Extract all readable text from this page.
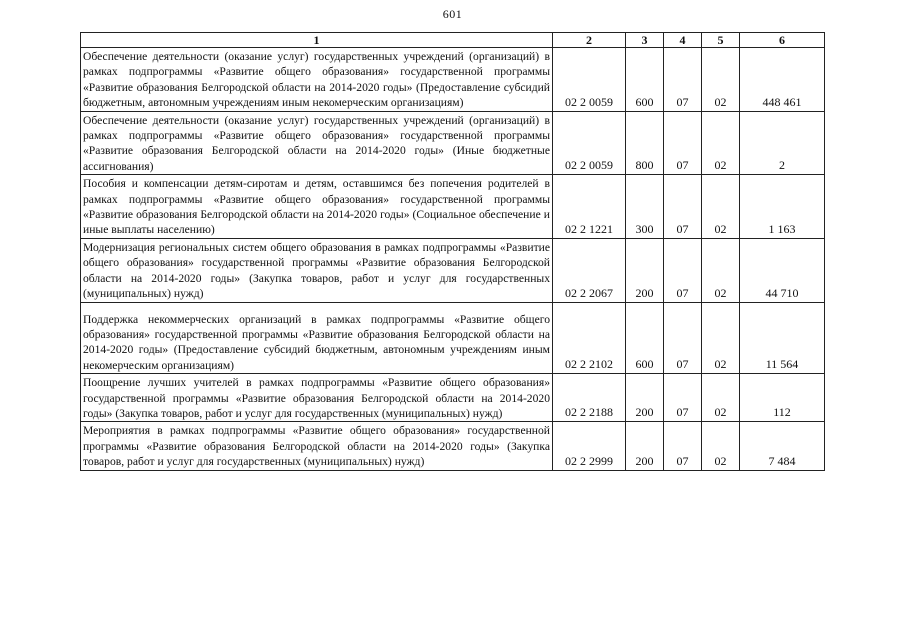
601
1	2	3	4	5	6
Обеспечение деятельности (оказание услуг) государственных учреждений (организаций) в рамках подпрограммы «Развитие общего образования» государственной программы «Развитие образования Белгородской области на 2014-2020 годы» (Предоставление субсидий бюджетным, автономным учреждениям иным некомерческим организациям)	02 2 0059	600	07	02	448 461
Обеспечение деятельности (оказание услуг) государственных учреждений (организаций) в рамках подпрограммы «Развитие общего образования» государственной программы «Развитие образования Белгородской области на 2014-2020 годы» (Иные бюджетные ассигнования)	02 2 0059	800	07	02	2
Пособия и компенсации детям-сиротам и детям, оставшимся без попечения родителей в рамках подпрограммы «Развитие общего образования» государственной программы «Развитие образования Белгородской области на 2014-2020 годы» (Социальное обеспечение и иные выплаты населению)	02 2 1221	300	07	02	1 163
Модернизация региональных систем общего образования в рамках подпрограммы «Развитие общего образования» государственной программы «Развитие образования Белгородской области на 2014-2020 годы» (Закупка товаров, работ и услуг для государственных (муниципальных) нужд)	02 2 2067	200	07	02	44 710
Поддержка некоммерческих организаций в рамках подпрограммы «Развитие общего образования» государственной программы «Развитие образования Белгородской области на 2014-2020 годы» (Предоставление субсидий бюджетным, автономным учреждениям иным некомерческим организациям)	02 2 2102	600	07	02	11 564
Поощрение лучших учителей в рамках подпрограммы «Развитие общего образования» государственной программы «Развитие образования Белгородской области на 2014-2020 годы» (Закупка товаров, работ и услуг для государственных (муниципальных) нужд)	02 2 2188	200	07	02	112
Мероприятия в рамках подпрограммы «Развитие общего образования» государственной программы «Развитие образования Белгородской области на 2014-2020 годы» (Закупка товаров, работ и услуг для государственных (муниципальных) нужд)	02 2 2999	200	07	02	7 484
